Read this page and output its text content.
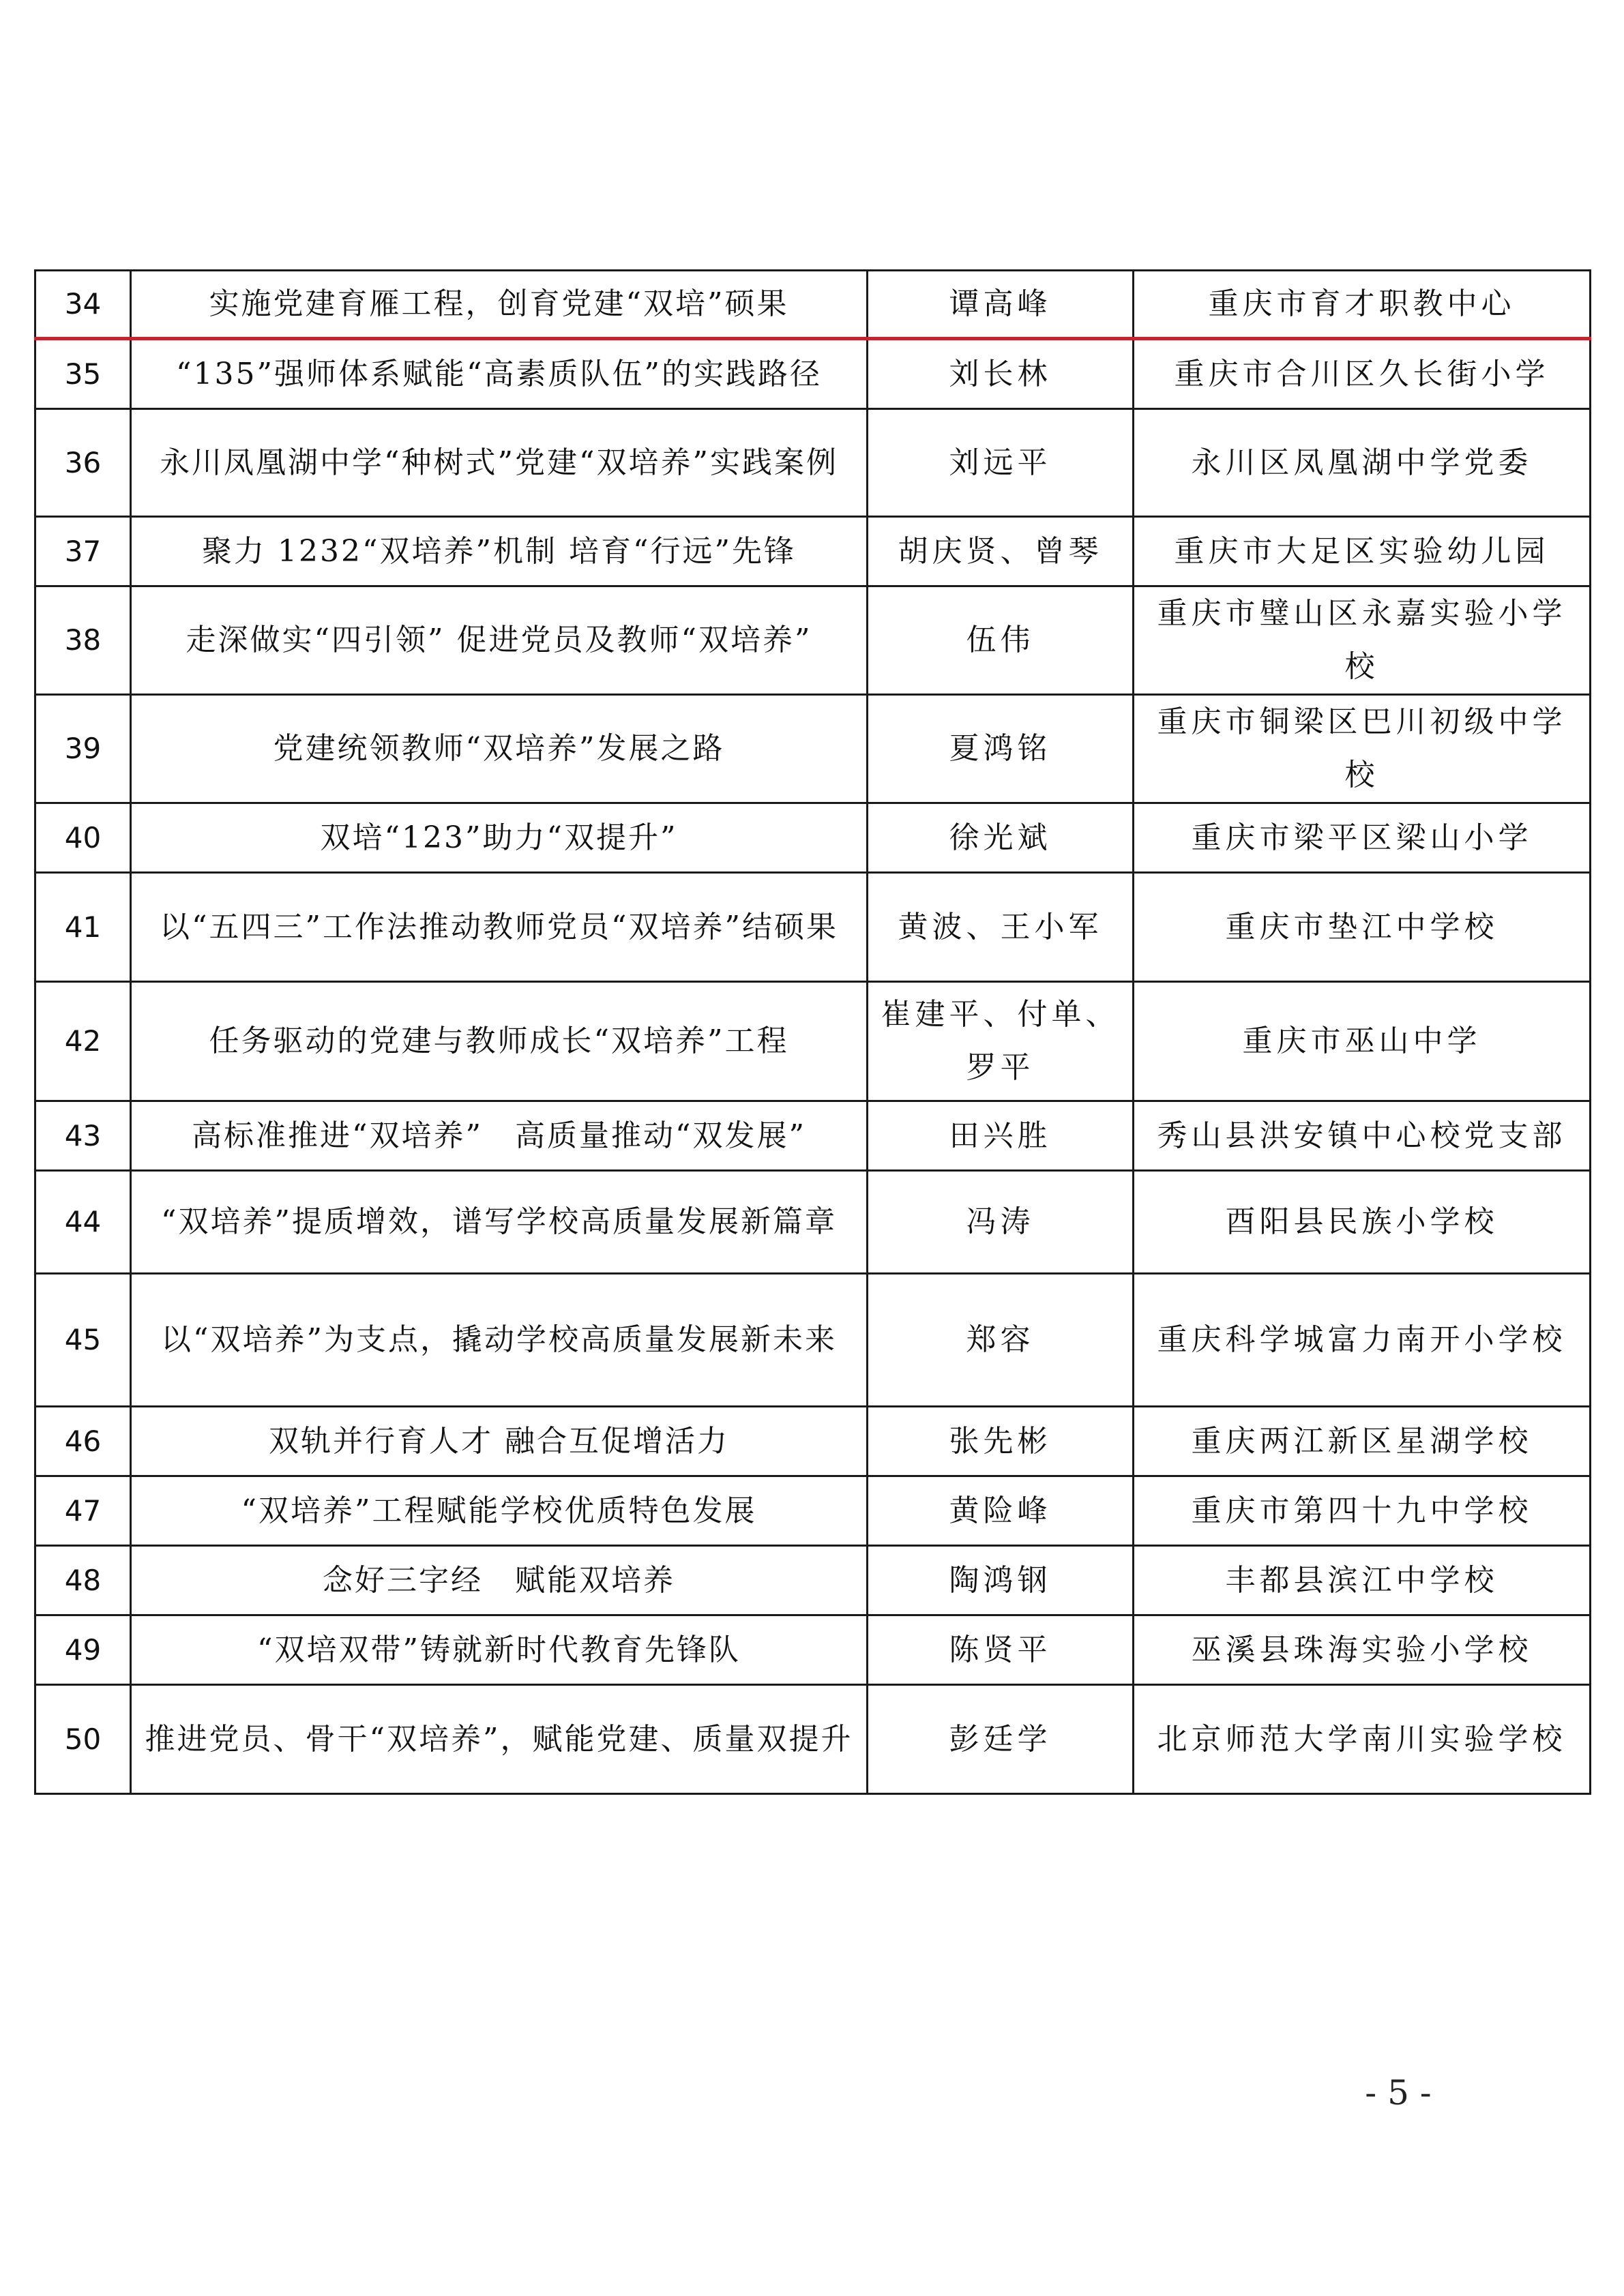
34	实施党建育雁工程，创育党建“双培”硕果	谭高峰	重庆市育才职教中心
35	“135”强师体系赋能“高素质队伍”的实践路径	刘长林	重庆市合川区久长街小学
36	永川凤凰湖中学“种树式”党建“双培养”实践案例	刘远平	永川区凤凰湖中学党委
37	聚力 1232“双培养”机制 培育“行远”先锋	胡庆贤、曾琴	重庆市大足区实验幼儿园
38	走深做实“四引领” 促进党员及教师“双培养”	伍伟	重庆市璧山区永嘉实验小学校
39	党建统领教师“双培养”发展之路	夏鸿铭	重庆市铜梁区巴川初级中学校
40	双培“123”助力“双提升”	徐光斌	重庆市梁平区梁山小学
41	以“五四三”工作法推动教师党员“双培养”结硕果	黄波、王小军	重庆市垫江中学校
42	任务驱动的党建与教师成长“双培养”工程	崔建平、付单、罗平	重庆市巫山中学
43	高标准推进“双培养”　高质量推动“双发展”	田兴胜	秀山县洪安镇中心校党支部
44	“双培养”提质增效，谱写学校高质量发展新篇章	冯涛	酉阳县民族小学校
45	以“双培养”为支点，撬动学校高质量发展新未来	郑容	重庆科学城富力南开小学校
46	双轨并行育人才 融合互促增活力	张先彬	重庆两江新区星湖学校
47	“双培养”工程赋能学校优质特色发展	黄险峰	重庆市第四十九中学校
48	念好三字经　赋能双培养	陶鸿钢	丰都县滨江中学校
49	“双培双带”铸就新时代教育先锋队	陈贤平	巫溪县珠海实验小学校
50	推进党员、骨干“双培养”，赋能党建、质量双提升	彭廷学	北京师范大学南川实验学校
- 5 -
